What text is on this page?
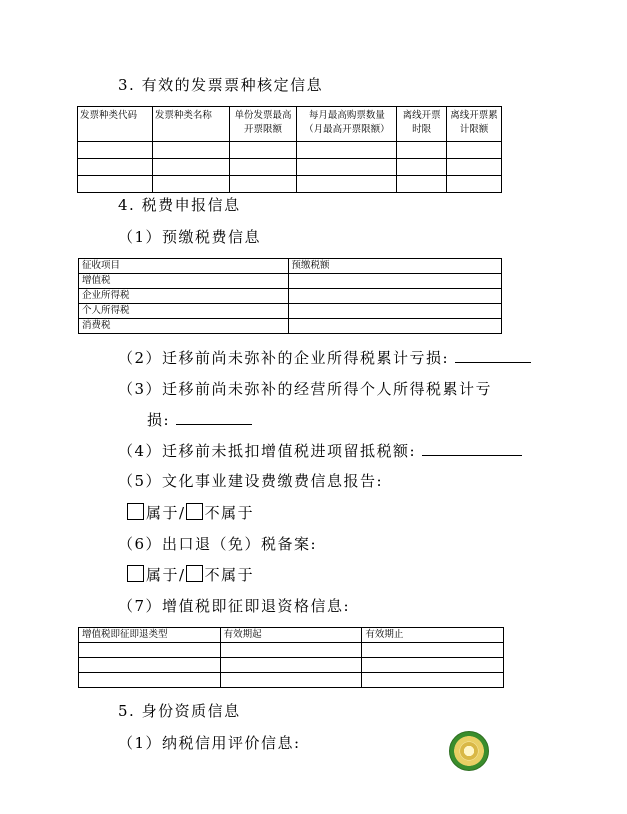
3. 有效的发票票种核定信息
发票种类代码	发票种类名称	单份发票最高开票限额	每月最高购票数量（月最高开票限额）	离线开票时限	离线开票累计限额

4. 税费申报信息
（1）预缴税费信息
征收项目	预缴税额
增值税	
企业所得税	
个人所得税	
消费税	
（2）迁移前尚未弥补的企业所得税累计亏损:
（3）迁移前尚未弥补的经营所得个人所得税累计亏
损:
（4）迁移前未抵扣增值税进项留抵税额:
（5）文化事业建设费缴费信息报告:
属于/ 不属于
（6）出口退（免）税备案:
属于/ 不属于
（7）增值税即征即退资格信息:
增值税即征即退类型	有效期起	有效期止

5. 身份资质信息
（1）纳税信用评价信息:
